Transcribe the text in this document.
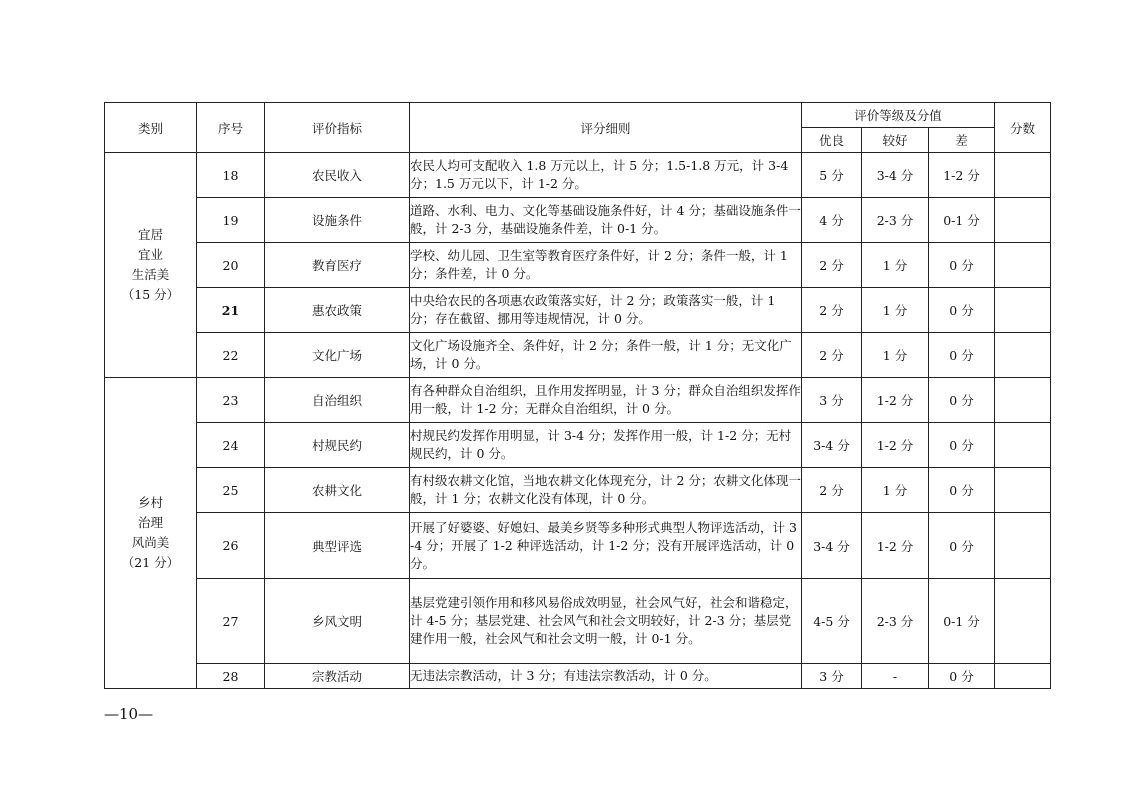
类别	序号	评价指标	评分细则	评价等级及分值			分数
				优良	较好	差	

宜居
宜业
生活美
（15 分）	18	农民收入	农民人均可支配收入 1.8 万元以上，计 5 分；1.5-1.8 万元，计 3-4 分；1.5 万元以下，计 1-2 分。	5 分	3-4 分	1-2 分	
	19	设施条件	道路、水利、电力、文化等基础设施条件好，计 4 分；基础设施条件一般，计 2-3 分，基础设施条件差，计 0-1 分。	4 分	2-3 分	0-1 分	
	20	教育医疗	学校、幼儿园、卫生室等教育医疗条件好，计 2 分；条件一般，计 1 分；条件差，计 0 分。	2 分	1 分	0 分	
	21	惠农政策	中央给农民的各项惠农政策落实好，计 2 分；政策落实一般，计 1 分；存在截留、挪用等违规情况，计 0 分。	2 分	1 分	0 分	
	22	文化广场	文化广场设施齐全、条件好，计 2 分；条件一般，计 1 分；无文化广场，计 0 分。	2 分	1 分	0 分	

乡村
治理
风尚美
（21 分）	23	自治组织	有各种群众自治组织，且作用发挥明显，计 3 分；群众自治组织发挥作用一般，计 1-2 分；无群众自治组织，计 0 分。	3 分	1-2 分	0 分	
	24	村规民约	村规民约发挥作用明显，计 3-4 分；发挥作用一般，计 1-2 分；无村规民约，计 0 分。	3-4 分	1-2 分	0 分	
	25	农耕文化	有村级农耕文化馆，当地农耕文化体现充分，计 2 分；农耕文化体现一般，计 1 分；农耕文化没有体现，计 0 分。	2 分	1 分	0 分	
	26	典型评选	开展了好婆婆、好媳妇、最美乡贤等多种形式典型人物评选活动，计 3-4 分；开展了 1-2 种评选活动，计 1-2 分；没有开展评选活动，计 0 分。	3-4 分	1-2 分	0 分	
	27	乡风文明	基层党建引领作用和移风易俗成效明显，社会风气好，社会和谐稳定，计 4-5 分；基层党建、社会风气和社会文明较好，计 2-3 分；基层党建作用一般，社会风气和社会文明一般，计 0-1 分。	4-5 分	2-3 分	0-1 分	
	28	宗教活动	无违法宗教活动，计 3 分；有违法宗教活动，计 0 分。	3 分	-	0 分	
—10—
